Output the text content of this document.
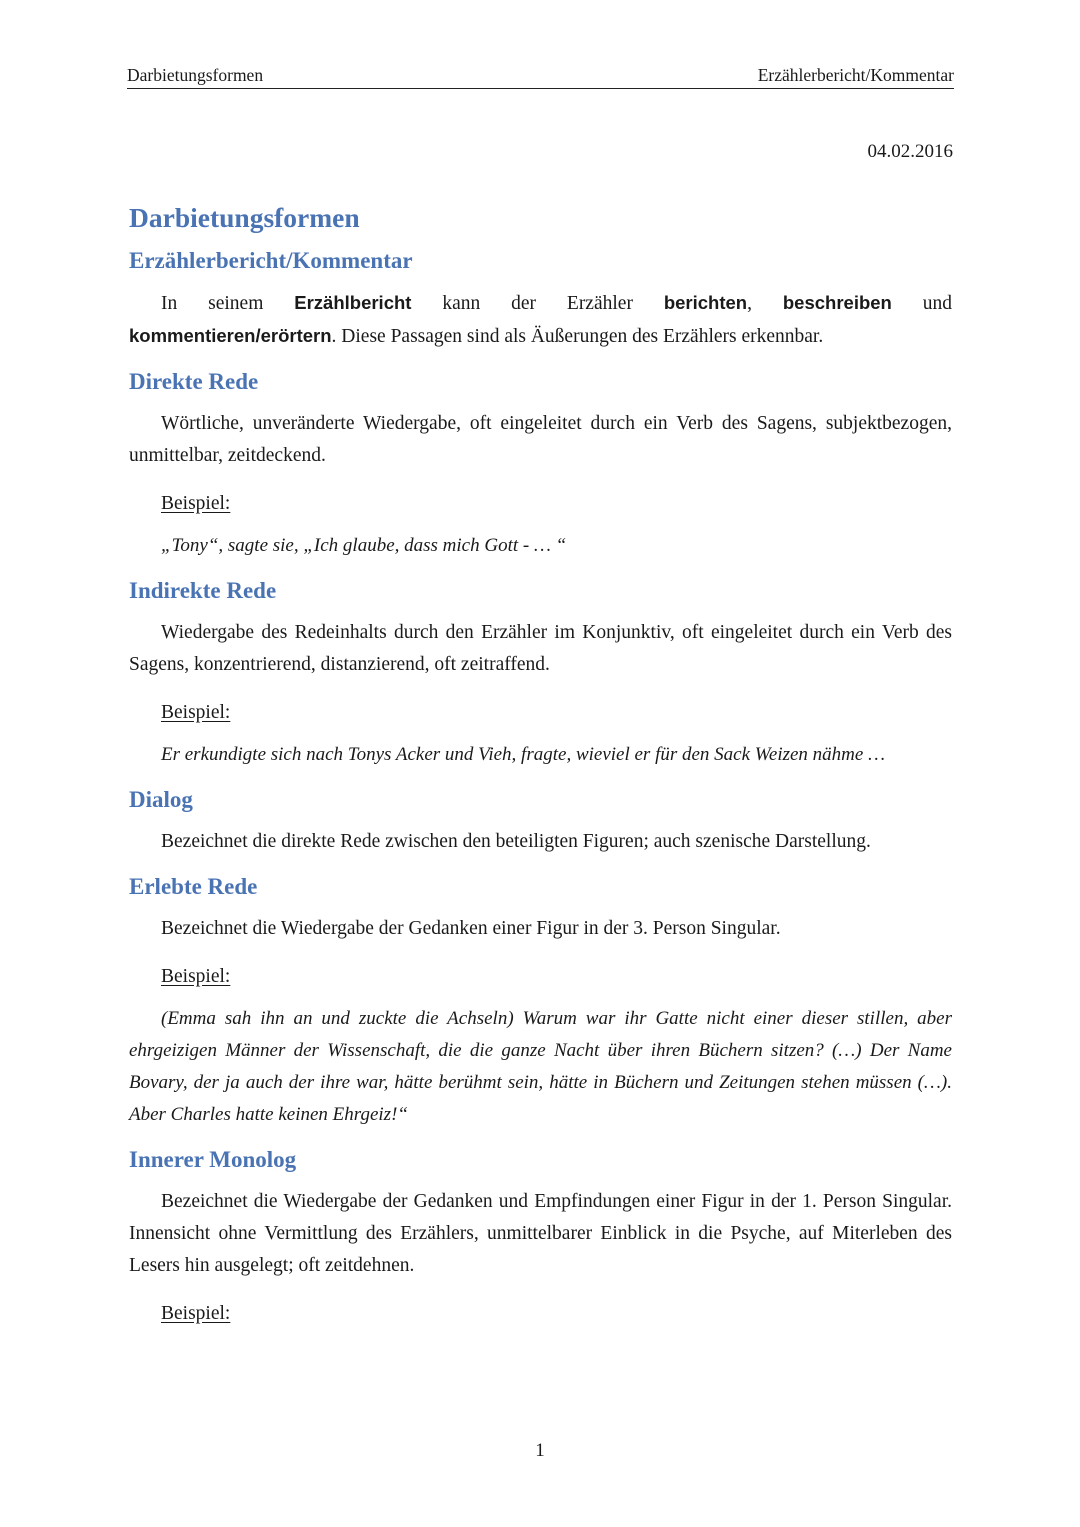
Darbietungsformen	Erzählerbericht/Kommentar
04.02.2016
Darbietungsformen
Erzählerbericht/Kommentar

In seinem Erzählbericht kann der Erzähler berichten, beschreiben und kommentieren/erörtern. Diese Passagen sind als Äußerungen des Erzählers erkennbar.

Direkte Rede

Wörtliche, unveränderte Wiedergabe, oft eingeleitet durch ein Verb des Sagens, subjektbezogen, unmittelbar, zeitdeckend.

Beispiel:

„Tony“, sagte sie, „Ich glaube, dass mich Gott - … “

Indirekte Rede

Wiedergabe des Redeinhalts durch den Erzähler im Konjunktiv, oft eingeleitet durch ein Verb des Sagens, konzentrierend, distanzierend, oft zeitraffend.

Beispiel:

Er erkundigte sich nach Tonys Acker und Vieh, fragte, wieviel er für den Sack Weizen nähme …

Dialog

Bezeichnet die direkte Rede zwischen den beteiligten Figuren; auch szenische Darstellung.

Erlebte Rede

Bezeichnet die Wiedergabe der Gedanken einer Figur in der 3. Person Singular.

Beispiel:

(Emma sah ihn an und zuckte die Achseln) Warum war ihr Gatte nicht einer dieser stillen, aber ehrgeizigen Männer der Wissenschaft, die die ganze Nacht über ihren Büchern sitzen? (…) Der Name Bovary, der ja auch der ihre war, hätte berühmt sein, hätte in Büchern und Zeitungen stehen müssen (…). Aber Charles hatte keinen Ehrgeiz!“

Innerer Monolog

Bezeichnet die Wiedergabe der Gedanken und Empfindungen einer Figur in der 1. Person Singular. Innensicht ohne Vermittlung des Erzählers, unmittelbarer Einblick in die Psyche, auf Miterleben des Lesers hin ausgelegt; oft zeitdehnen.

Beispiel:
1
